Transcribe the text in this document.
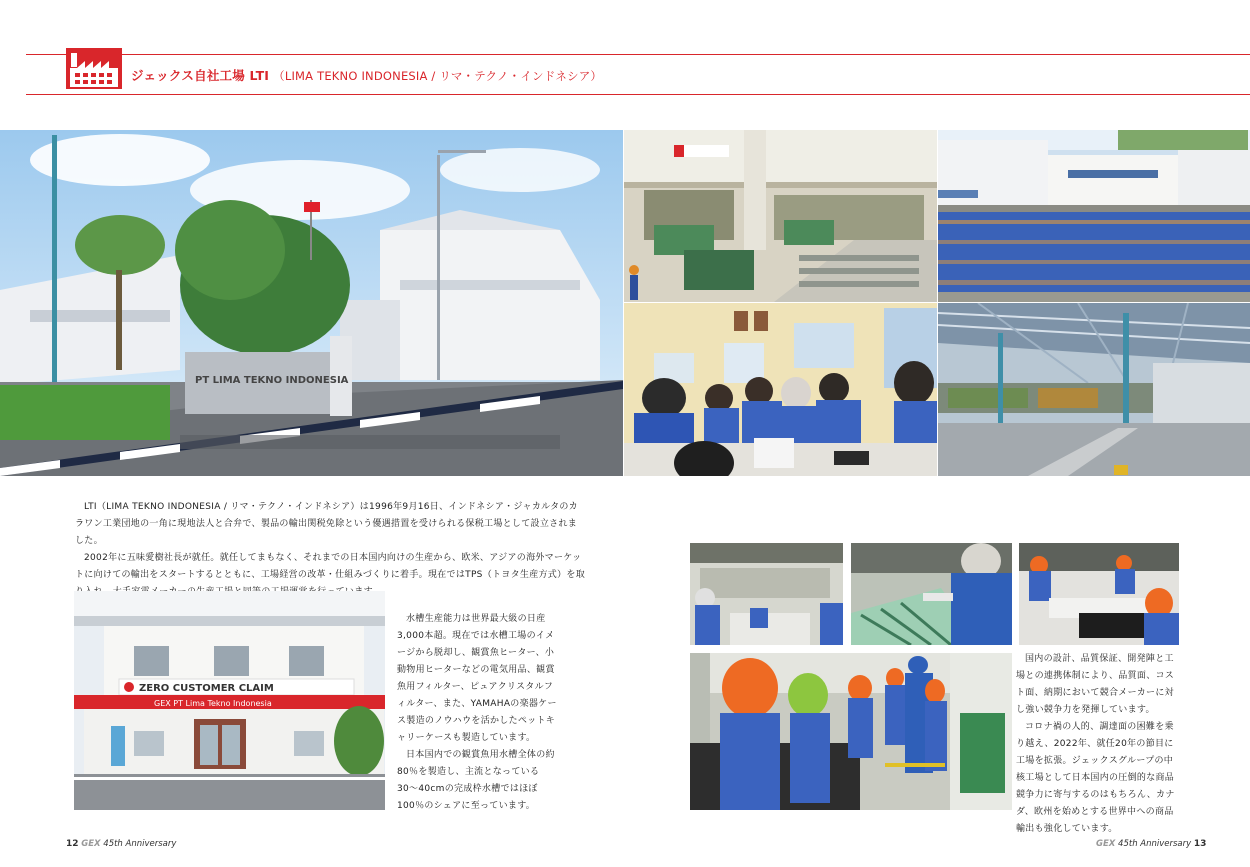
ジェックス自社工場 LTI （LIMA TEKNO INDONESIA / リマ・テクノ・インドネシア）
PT LIMA TEKNO INDONESIA

LTI（LIMA TEKNO INDONESIA / リマ・テクノ・インドネシア）は1996年9月16日、インドネシア・ジャカルタのカラワン工業団地の一角に現地法人と合弁で、製品の輸出関税免除という優遇措置を受けられる保税工場として設立されました。

2002年に五味愛樹社長が就任。就任してまもなく、それまでの日本国内向けの生産から、欧米、アジアの海外マーケットに向けての輸出をスタートするとともに、工場経営の改革・仕組みづくりに着手。現在ではTPS（トヨタ生産方式）を取

ZERO CUSTOMER CLAIM
GEX PT Lima Tekno Indonesia

水槽生産能力は世界最大級の日産3,000本超。現在では水槽工場のイメージから脱却し、観賞魚ヒーター、小動物用ヒーターなどの電気用品、観賞魚用フィルター、ピュアクリスタルフィルター、また、YAMAHAの楽器ケース製造のノウハウを活かしたペットキャリーケースも製造しています。

日本国内での観賞魚用水槽全体の約80％を製造し、主流となっている30〜40cmの完成枠水槽ではほぼ100％のシェアに至っています。

国内の設計、品質保証、開発陣と工場との連携体制により、品質面、コスト面、納期において競合メーカーに対し強い競争力を発揮しています。

コロナ禍の人的、調達面の困難を乗り越え、2022年、就任20年の節目に工場を拡張。ジェックスグループの中核工場として日本国内の圧倒的な商品競争力に寄与するのはもちろん、カナダ、欧州を始めとする世界中への商品輸出も強化しています。

12 GEX 45th Anniversary	GEX 45th Anniversary 13
